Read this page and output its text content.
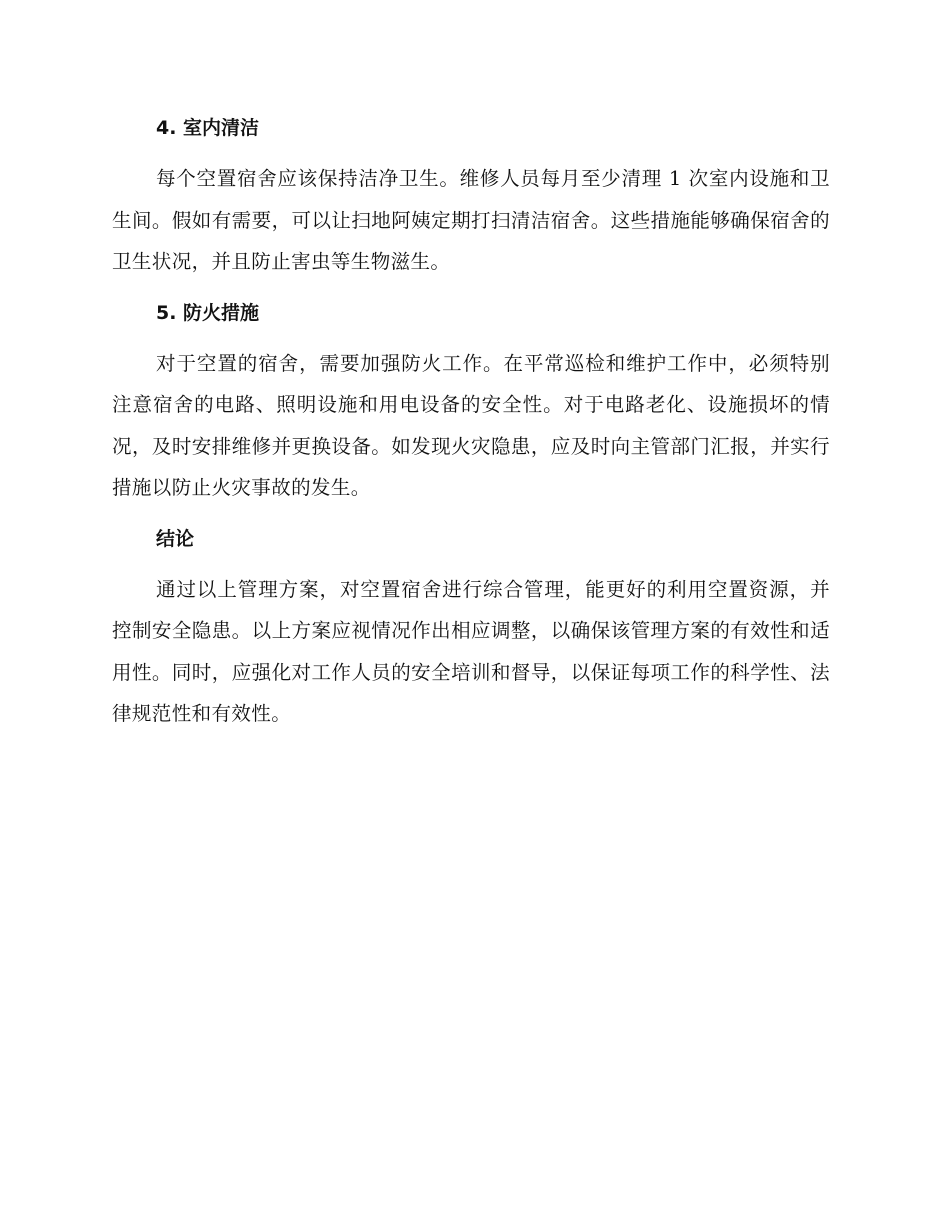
4. 室内清洁

每个空置宿舍应该保持洁净卫生。维修人员每月至少清理 1 次室内设施和卫生间。假如有需要，可以让扫地阿姨定期打扫清洁宿舍。这些措施能够确保宿舍的卫生状况，并且防止害虫等生物滋生。

5. 防火措施

对于空置的宿舍，需要加强防火工作。在平常巡检和维护工作中，必须特别注意宿舍的电路、照明设施和用电设备的安全性。对于电路老化、设施损坏的情况，及时安排维修并更换设备。如发现火灾隐患，应及时向主管部门汇报，并实行措施以防止火灾事故的发生。

结论

通过以上管理方案，对空置宿舍进行综合管理，能更好的利用空置资源，并控制安全隐患。以上方案应视情况作出相应调整，以确保该管理方案的有效性和适用性。同时，应强化对工作人员的安全培训和督导，以保证每项工作的科学性、法律规范性和有效性。
